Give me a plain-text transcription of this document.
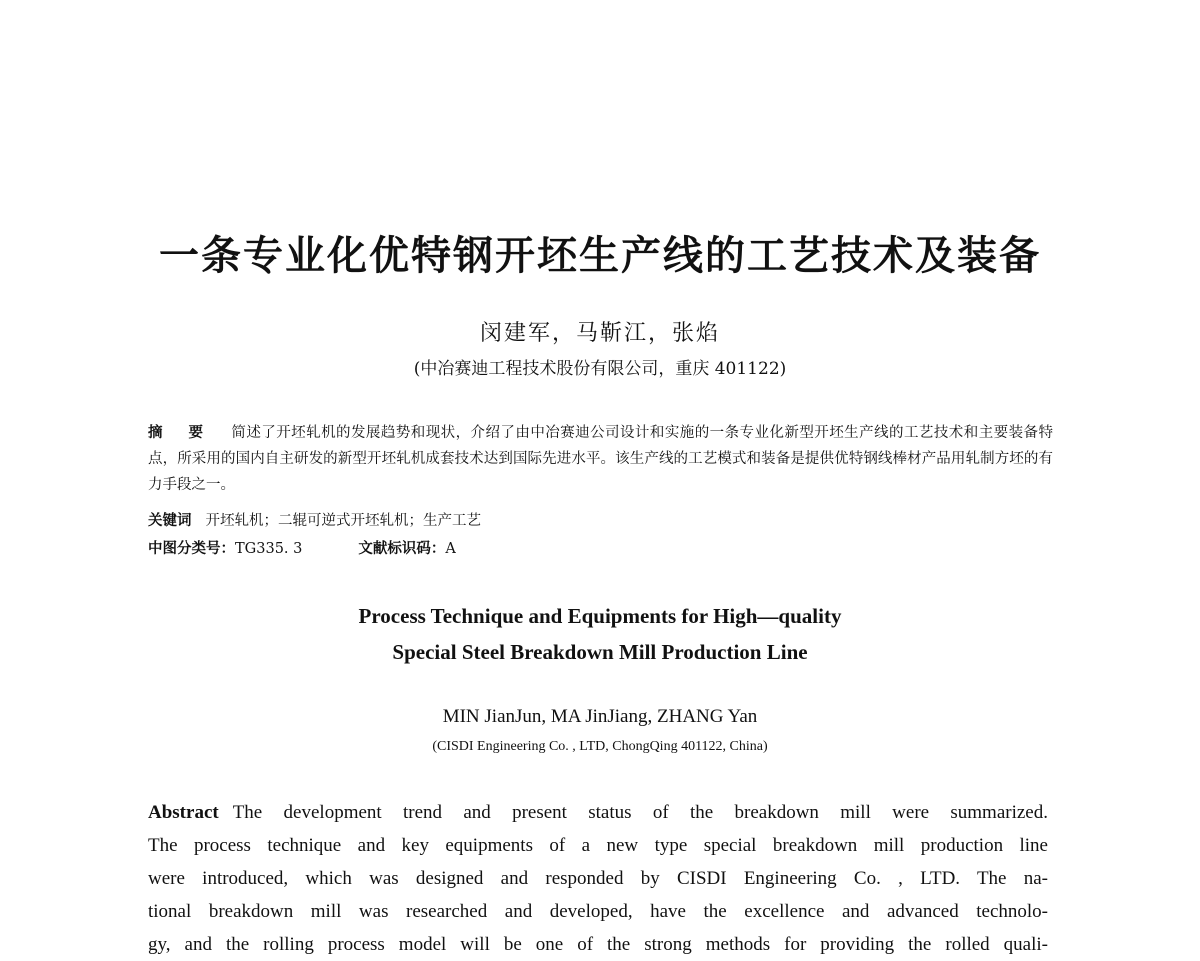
一条专业化优特钢开坯生产线的工艺技术及装备
闵建军，马靳江，张焰
(中冶赛迪工程技术股份有限公司，重庆 401122)
摘 要 简述了开坯轧机的发展趋势和现状，介绍了由中冶赛迪公司设计和实施的一条专业化新型开坯生产线的工艺技术和主要装备特点，所采用的国内自主研发的新型开坯轧机成套技术达到国际先进水平。该生产线的工艺模式和装备是提供优特钢线棒材产品用轧制方坯的有力手段之一。
关键词 开坯轧机；二辊可逆式开坯轧机；生产工艺
中图分类号：TG335. 3	文献标识码：A
Process Technique and Equipments for High—quality
Special Steel Breakdown Mill Production Line
MIN JianJun, MA JinJiang, ZHANG Yan
(CISDI Engineering Co. , LTD, ChongQing 401122, China)
Abstract The development trend and present status of the breakdown mill were summarized.
The process technique and key equipments of a new type special breakdown mill production line
were introduced, which was designed and responded by CISDI Engineering Co. , LTD. The na-
tional breakdown mill was researched and developed, have the excellence and advanced technolo-
gy, and the rolling process model will be one of the strong methods for providing the rolled quali-
